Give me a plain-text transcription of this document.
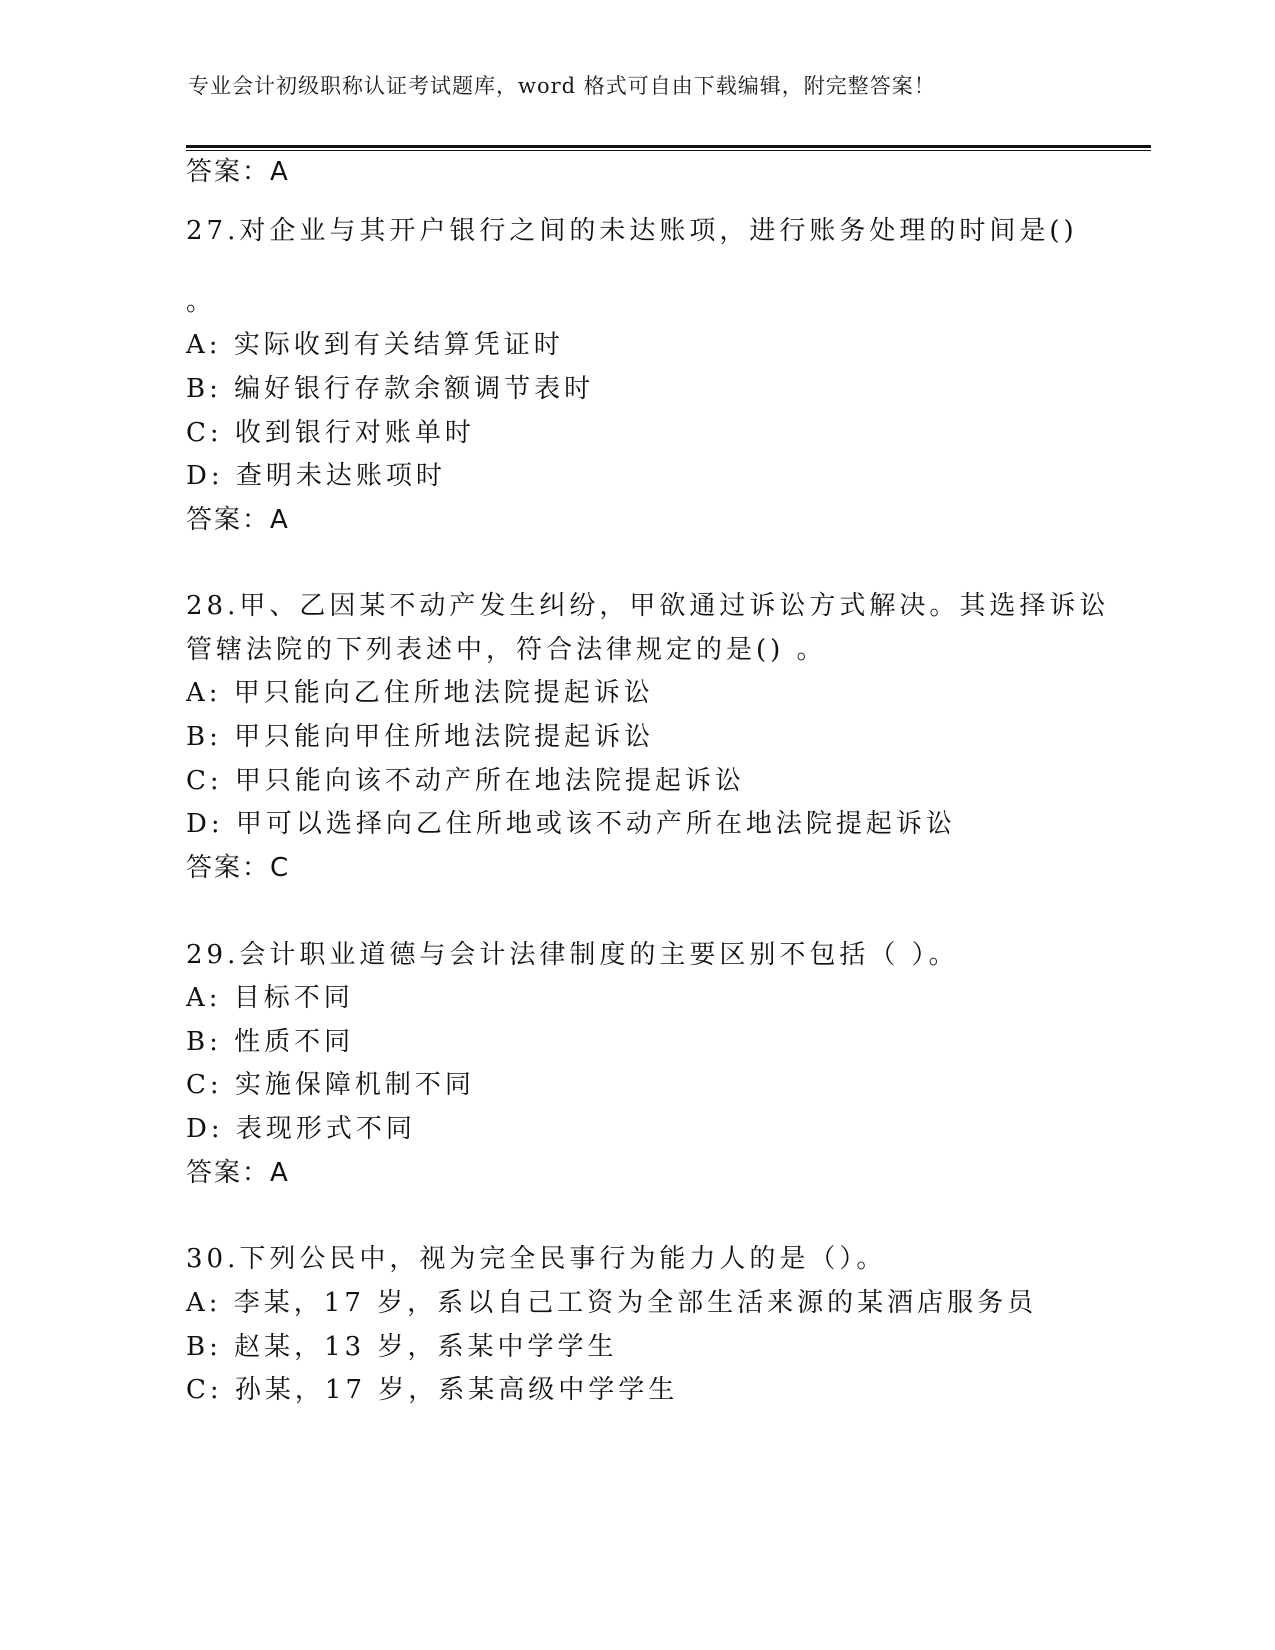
专业会计初级职称认证考试题库，word 格式可自由下载编辑，附完整答案！
答案：A
27.对企业与其开户银行之间的未达账项，进行账务处理的时间是()
。
A: 实际收到有关结算凭证时
B: 编好银行存款余额调节表时
C: 收到银行对账单时
D: 查明未达账项时
答案：A
28.甲、乙因某不动产发生纠纷，甲欲通过诉讼方式解决。其选择诉讼
管辖法院的下列表述中，符合法律规定的是() 。
A: 甲只能向乙住所地法院提起诉讼
B: 甲只能向甲住所地法院提起诉讼
C: 甲只能向该不动产所在地法院提起诉讼
D: 甲可以选择向乙住所地或该不动产所在地法院提起诉讼
答案：C
29.会计职业道德与会计法律制度的主要区别不包括（ ）。
A: 目标不同
B: 性质不同
C: 实施保障机制不同
D: 表现形式不同
答案：A
30.下列公民中，视为完全民事行为能力人的是（）。
A: 李某，17 岁，系以自己工资为全部生活来源的某酒店服务员
B: 赵某，13 岁，系某中学学生
C: 孙某，17 岁，系某高级中学学生
